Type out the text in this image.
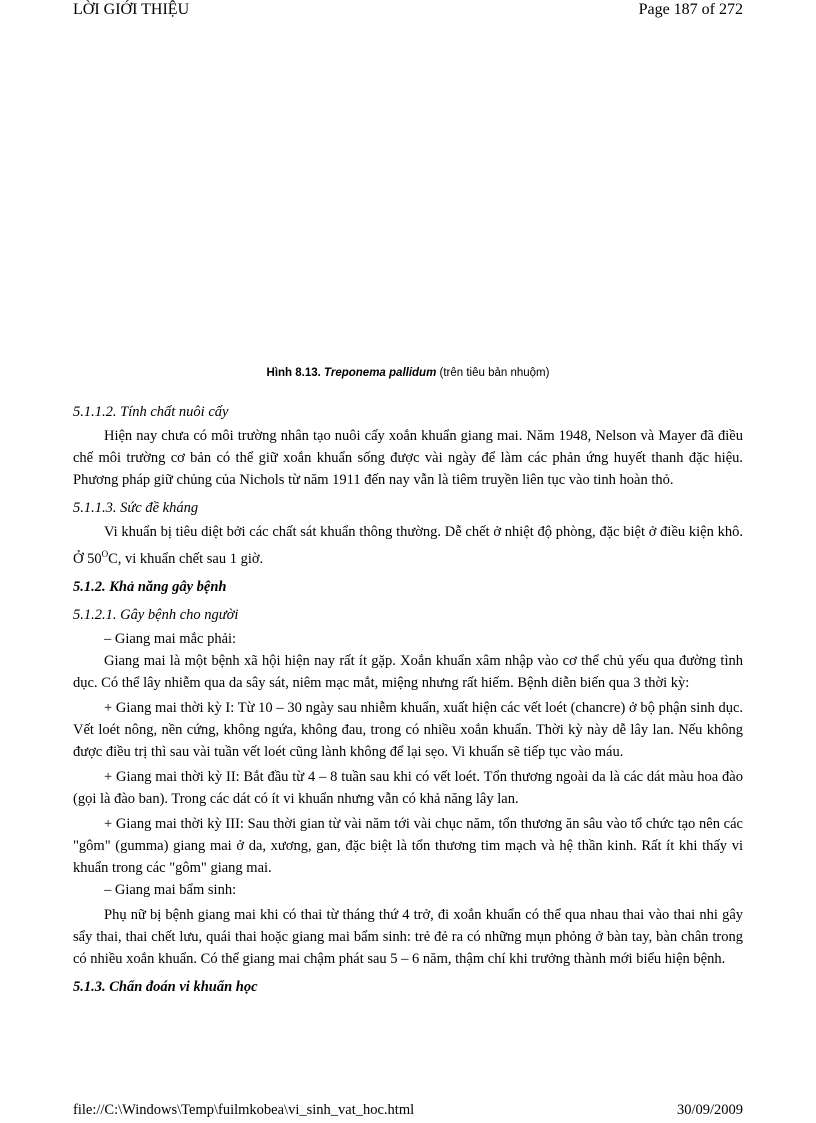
LỜI GIỚI THIỆU	Page 187 of 272
Hình 8.13. Treponema pallidum (trên tiêu bản nhuộm)

5.1.1.2. Tính chất nuôi cấy

Hiện nay chưa có môi trường nhân tạo nuôi cấy xoắn khuẩn giang mai. Năm 1948, Nelson và Mayer đã điều chế môi trường cơ bản có thể giữ xoắn khuẩn sống được vài ngày để làm các phản ứng huyết thanh đặc hiệu. Phương pháp giữ chủng của Nichols từ năm 1911 đến nay vẫn là tiêm truyền liên tục vào tinh hoàn thỏ.

5.1.1.3. Sức đề kháng

Vi khuẩn bị tiêu diệt bởi các chất sát khuẩn thông thường. Dễ chết ở nhiệt độ phòng, đặc biệt ở điều kiện khô. Ở $50^OC$, vi khuẩn chết sau 1 giờ.

5.1.2. Khả năng gây bệnh

5.1.2.1. Gây bệnh cho người

– Giang mai mắc phải:

Giang mai là một bệnh xã hội hiện nay rất ít gặp. Xoắn khuẩn xâm nhập vào cơ thể chủ yếu qua đường tình dục. Có thể lây nhiễm qua da sây sát, niêm mạc mắt, miệng nhưng rất hiếm. Bệnh diễn biến qua 3 thời kỳ:

+ Giang mai thời kỳ I: Từ 10 – 30 ngày sau nhiễm khuẩn, xuất hiện các vết loét (chancre) ở bộ phận sinh dục. Vết loét nông, nền cứng, không ngứa, không đau, trong có nhiều xoắn khuẩn. Thời kỳ này dễ lây lan. Nếu không được điều trị thì sau vài tuần vết loét cũng lành không để lại sẹo. Vi khuẩn sẽ tiếp tục vào máu.

+ Giang mai thời kỳ II: Bắt đầu từ 4 – 8 tuần sau khi có vết loét. Tổn thương ngoài da là các dát màu hoa đào (gọi là đào ban). Trong các dát có ít vi khuẩn nhưng vẫn có khả năng lây lan.

+ Giang mai thời kỳ III: Sau thời gian từ vài năm tới vài chục năm, tổn thương ăn sâu vào tổ chức tạo nên các "gôm" (gumma) giang mai ở da, xương, gan, đặc biệt là tổn thương tim mạch và hệ thần kinh. Rất ít khi thấy vi khuẩn trong các "gôm" giang mai.

– Giang mai bẩm sinh:

Phụ nữ bị bệnh giang mai khi có thai từ tháng thứ 4 trở, đi xoắn khuẩn có thể qua nhau thai vào thai nhi gây sẩy thai, thai chết lưu, quái thai hoặc giang mai bẩm sinh: trẻ đẻ ra có những mụn phỏng ở bàn tay, bàn chân trong có nhiều xoắn khuẩn. Có thể giang mai chậm phát sau 5 – 6 năm, thậm chí khi trưởng thành mới biểu hiện bệnh.

5.1.3. Chẩn đoán vi khuẩn học

file://C:\Windows\Temp\fuilmkobea\vi_sinh_vat_hoc.html	30/09/2009
